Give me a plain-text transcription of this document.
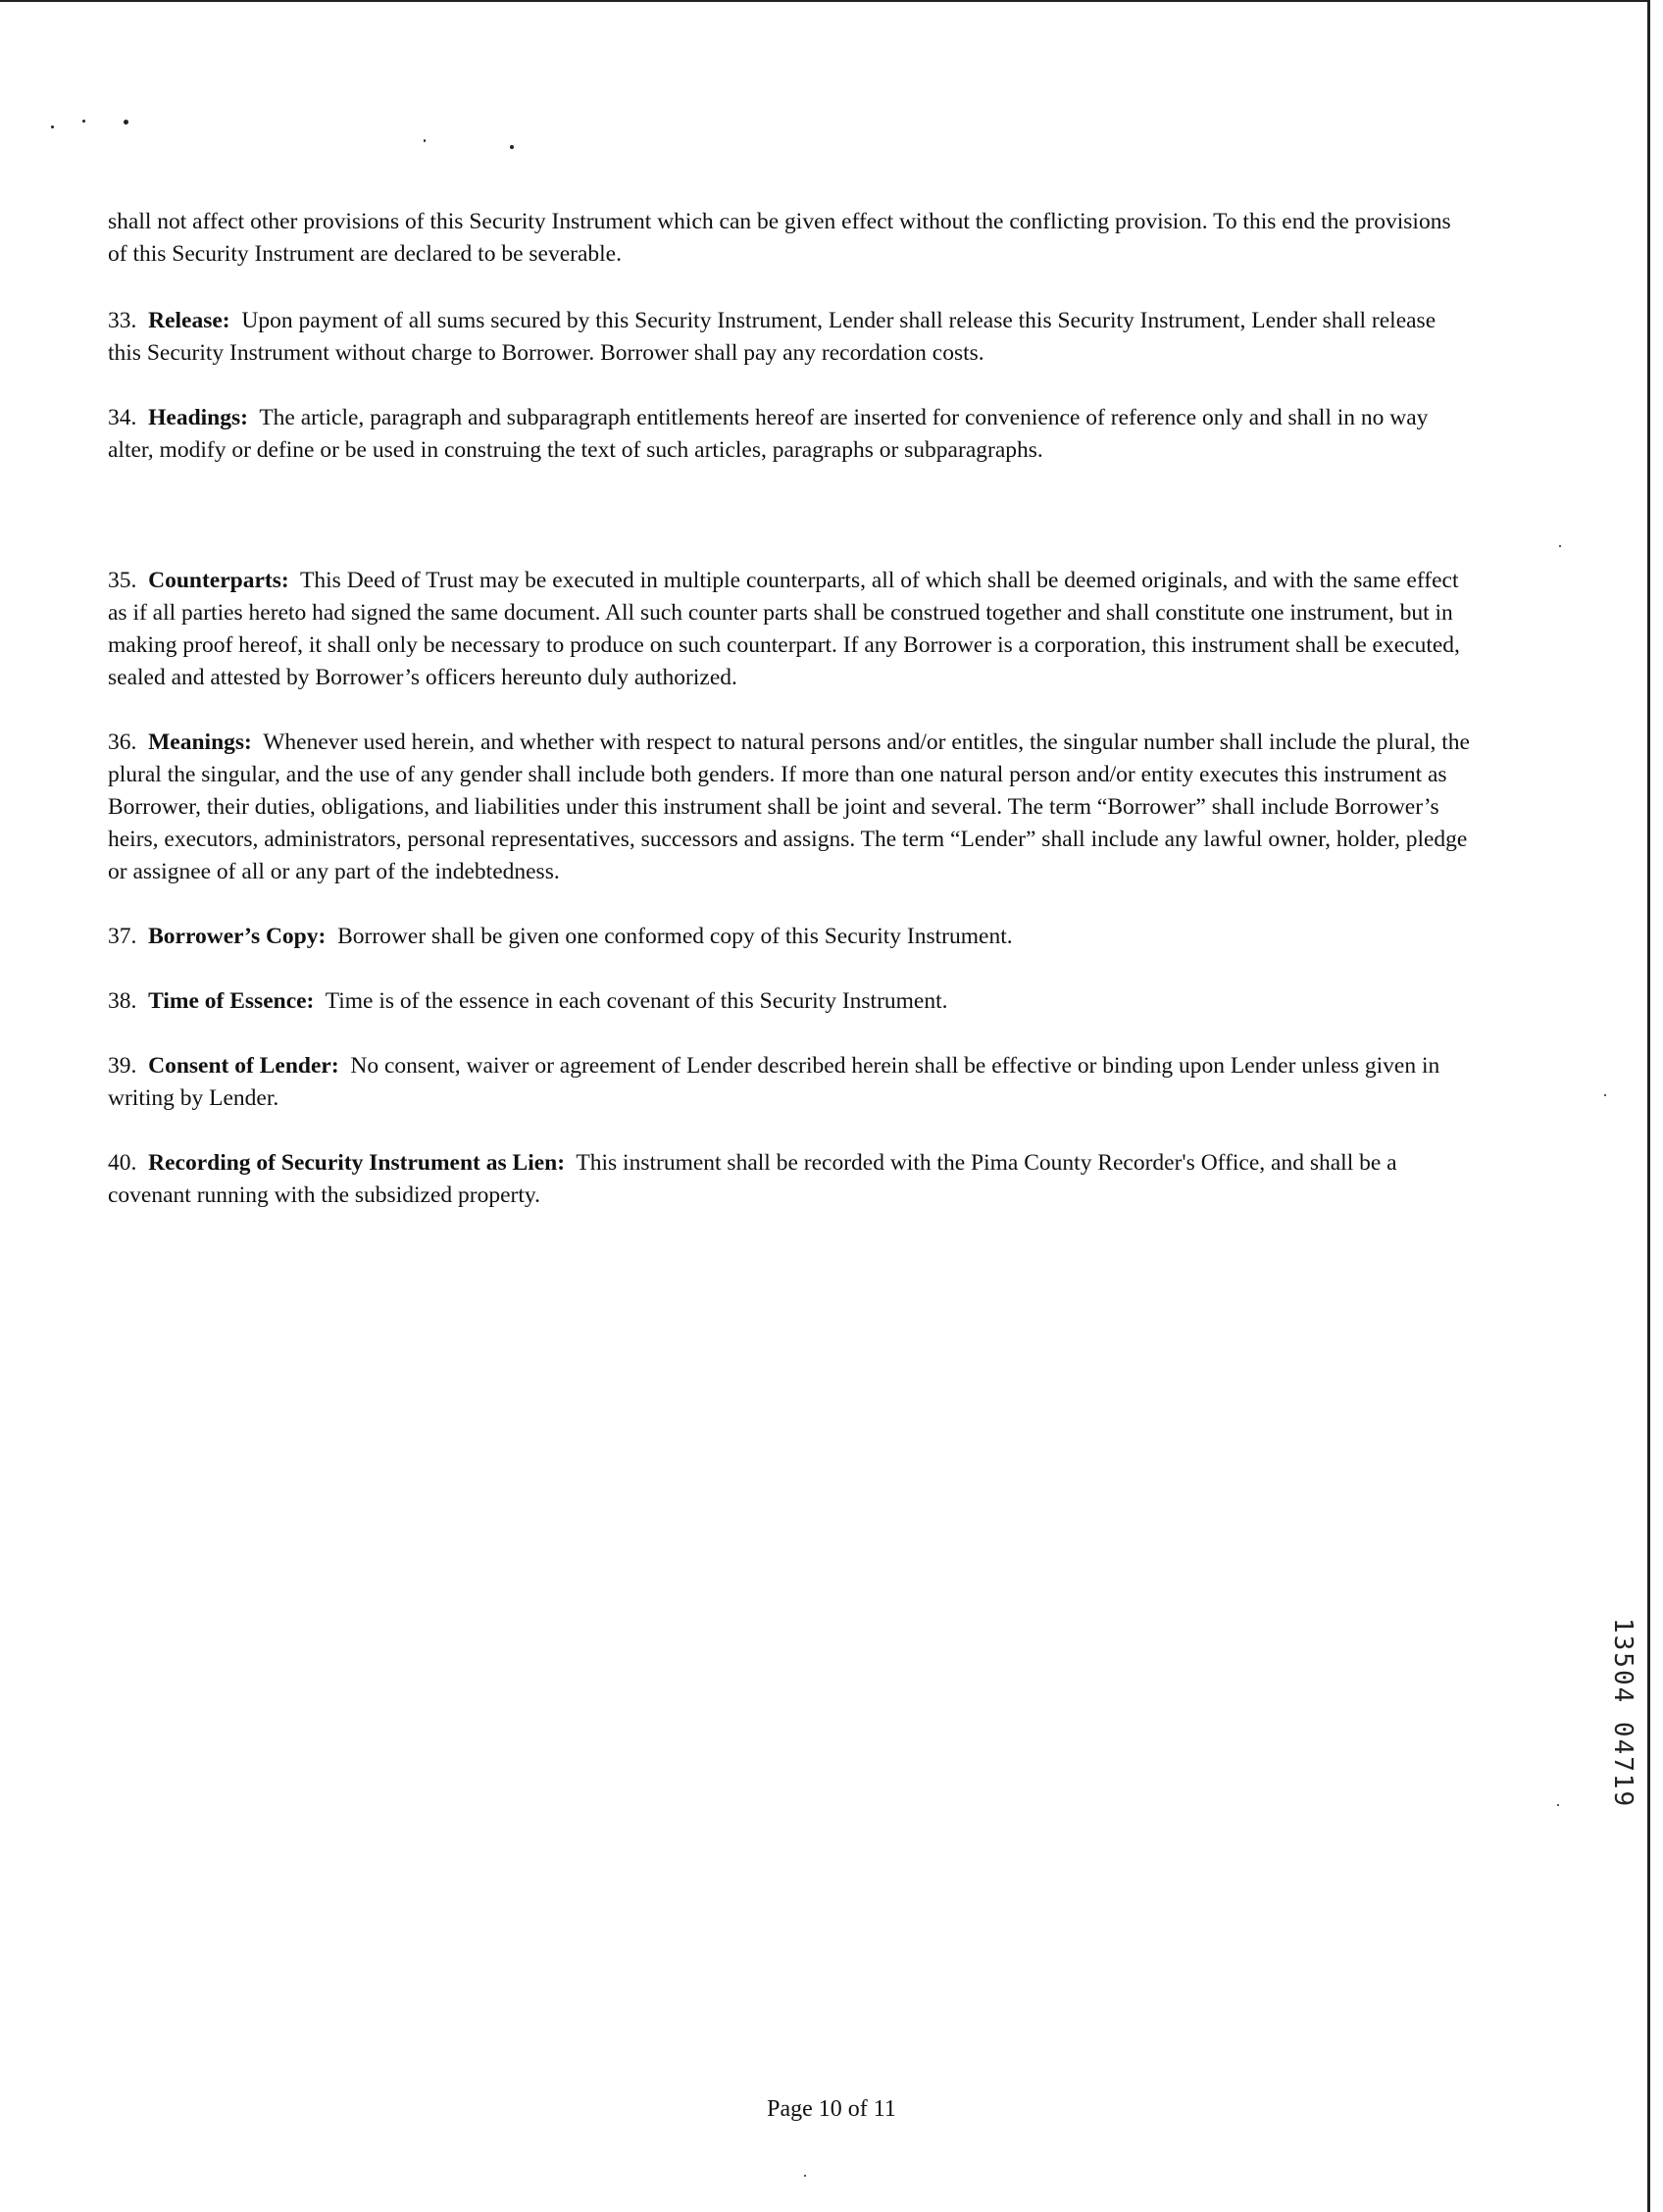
shall not affect other provisions of this Security Instrument which can be given effect without the conflicting provision. To this end the provisions of this Security Instrument are declared to be severable.

33. Release: Upon payment of all sums secured by this Security Instrument, Lender shall release this Security Instrument, Lender shall release this Security Instrument without charge to Borrower. Borrower shall pay any recordation costs.

34. Headings: The article, paragraph and subparagraph entitlements hereof are inserted for convenience of reference only and shall in no way alter, modify or define or be used in construing the text of such articles, paragraphs or subparagraphs.

35. Counterparts: This Deed of Trust may be executed in multiple counterparts, all of which shall be deemed originals, and with the same effect as if all parties hereto had signed the same document. All such counter parts shall be construed together and shall constitute one instrument, but in making proof hereof, it shall only be necessary to produce on such counterpart. If any Borrower is a corporation, this instrument shall be executed, sealed and attested by Borrower’s officers hereunto duly authorized.

36. Meanings: Whenever used herein, and whether with respect to natural persons and/or entitles, the singular number shall include the plural, the plural the singular, and the use of any gender shall include both genders. If more than one natural person and/or entity executes this instrument as Borrower, their duties, obligations, and liabilities under this instrument shall be joint and several. The term “Borrower” shall include Borrower’s heirs, executors, administrators, personal representatives, successors and assigns. The term “Lender” shall include any lawful owner, holder, pledge or assignee of all or any part of the indebtedness.

37. Borrower’s Copy: Borrower shall be given one conformed copy of this Security Instrument.

38. Time of Essence: Time is of the essence in each covenant of this Security Instrument.

39. Consent of Lender: No consent, waiver or agreement of Lender described herein shall be effective or binding upon Lender unless given in writing by Lender.

40. Recording of Security Instrument as Lien: This instrument shall be recorded with the Pima County Recorder's Office, and shall be a covenant running with the subsidized property.

13504 04719
Page 10 of 11
